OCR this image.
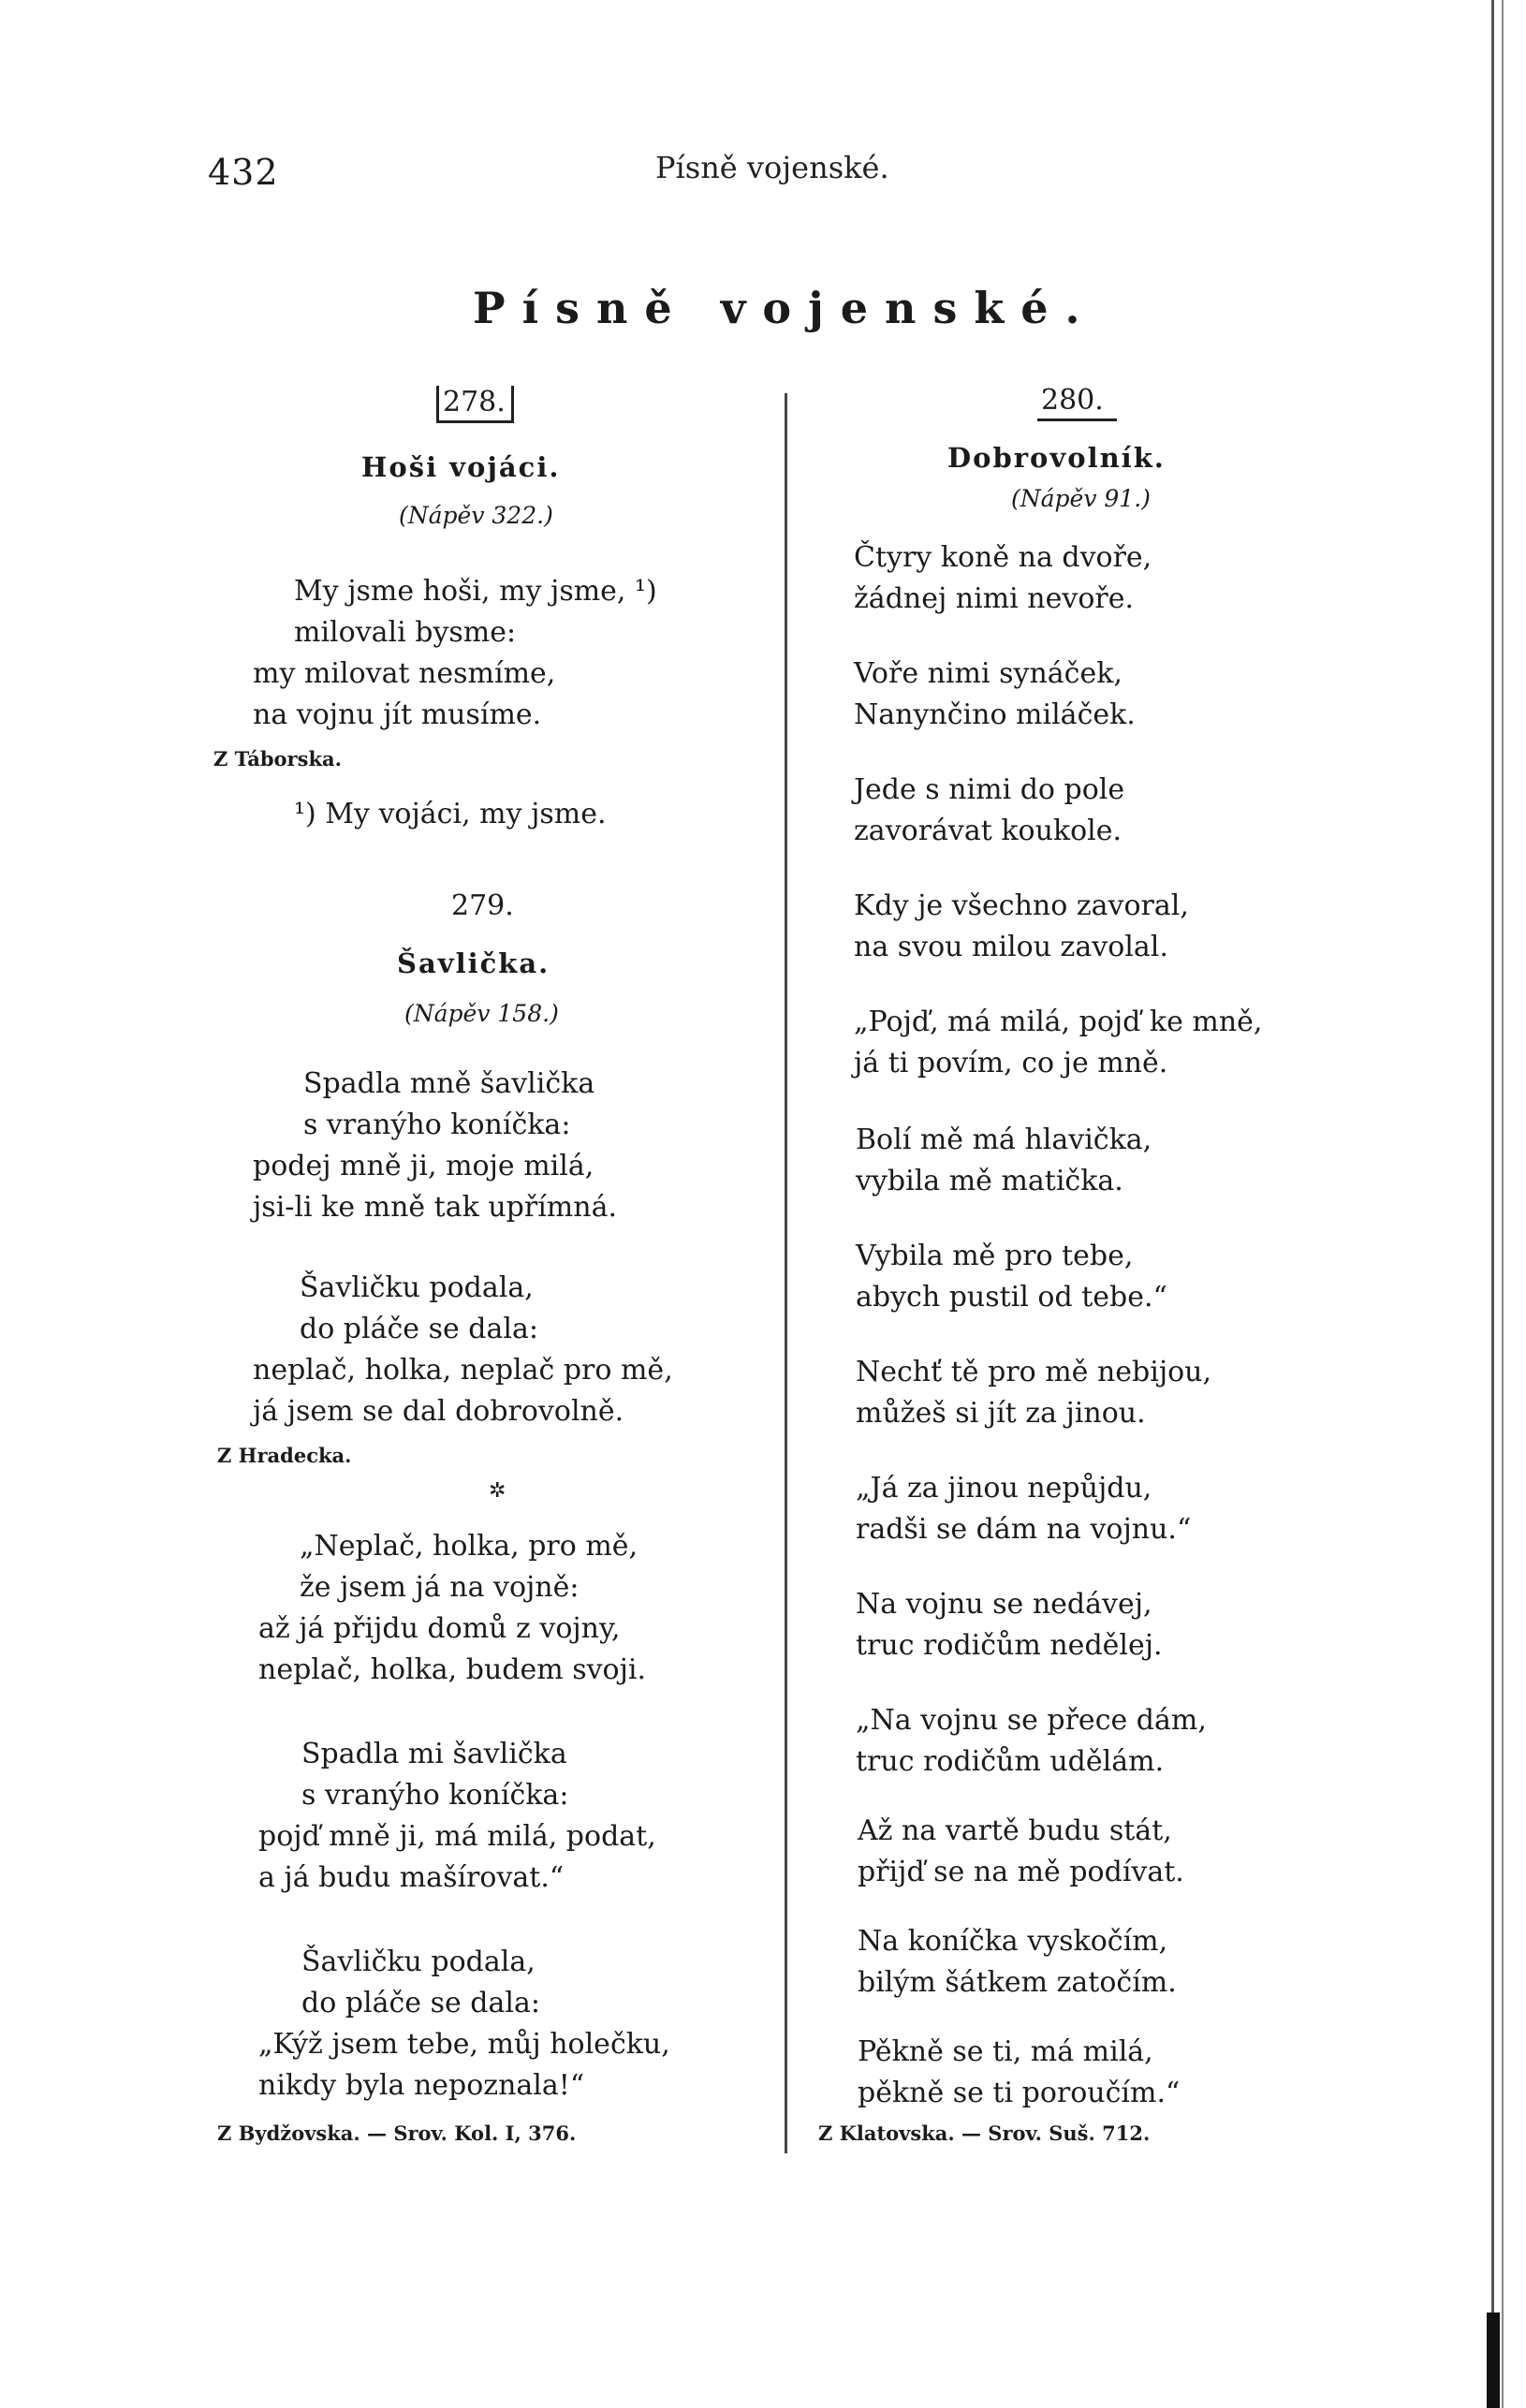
432	Písně vojenské.
Písně vojenské.
278.
Hoši vojáci.
(Nápěv 322.)
My jsme hoši, my jsme, ¹)
milovali bysme:
my milovat nesmíme,
na vojnu jít musíme.
Z Táborska.
¹) My vojáci, my jsme.
279.
Šavlička.
(Nápěv 158.)
Spadla mně šavlička
s vranýho koníčka:
podej mně ji, moje milá,
jsi-li ke mně tak upřímná.
Šavličku podala,
do pláče se dala:
neplač, holka, neplač pro mě,
já jsem se dal dobrovolně.
Z Hradecka.
✲
„Neplač, holka, pro mě,
že jsem já na vojně:
až já přijdu domů z vojny,
neplač, holka, budem svoji.
Spadla mi šavlička
s vranýho koníčka:
pojď mně ji, má milá, podat,
a já budu mašírovat.“
Šavličku podala,
do pláče se dala:
„Kýž jsem tebe, můj holečku,
nikdy byla nepoznala!“
Z Bydžovska. — Srov. Kol. I, 376.
280.
Dobrovolník.
(Nápěv 91.)
Čtyry koně na dvoře,
žádnej nimi nevoře.
Voře nimi synáček,
Nanynčino miláček.
Jede s nimi do pole
zavorávat koukole.
Kdy je všechno zavoral,
na svou milou zavolal.
„Pojď, má milá, pojď ke mně,
já ti povím, co je mně.
Bolí mě má hlavička,
vybila mě matička.
Vybila mě pro tebe,
abych pustil od tebe.“
Nechť tě pro mě nebijou,
můžeš si jít za jinou.
„Já za jinou nepůjdu,
radši se dám na vojnu.“
Na vojnu se nedávej,
truc rodičům nedělej.
„Na vojnu se přece dám,
truc rodičům udělám.
Až na vartě budu stát,
přijď se na mě podívat.
Na koníčka vyskočím,
bilým šátkem zatočím.
Pěkně se ti, má milá,
pěkně se ti poroučím.“
Z Klatovska. — Srov. Suš. 712.
